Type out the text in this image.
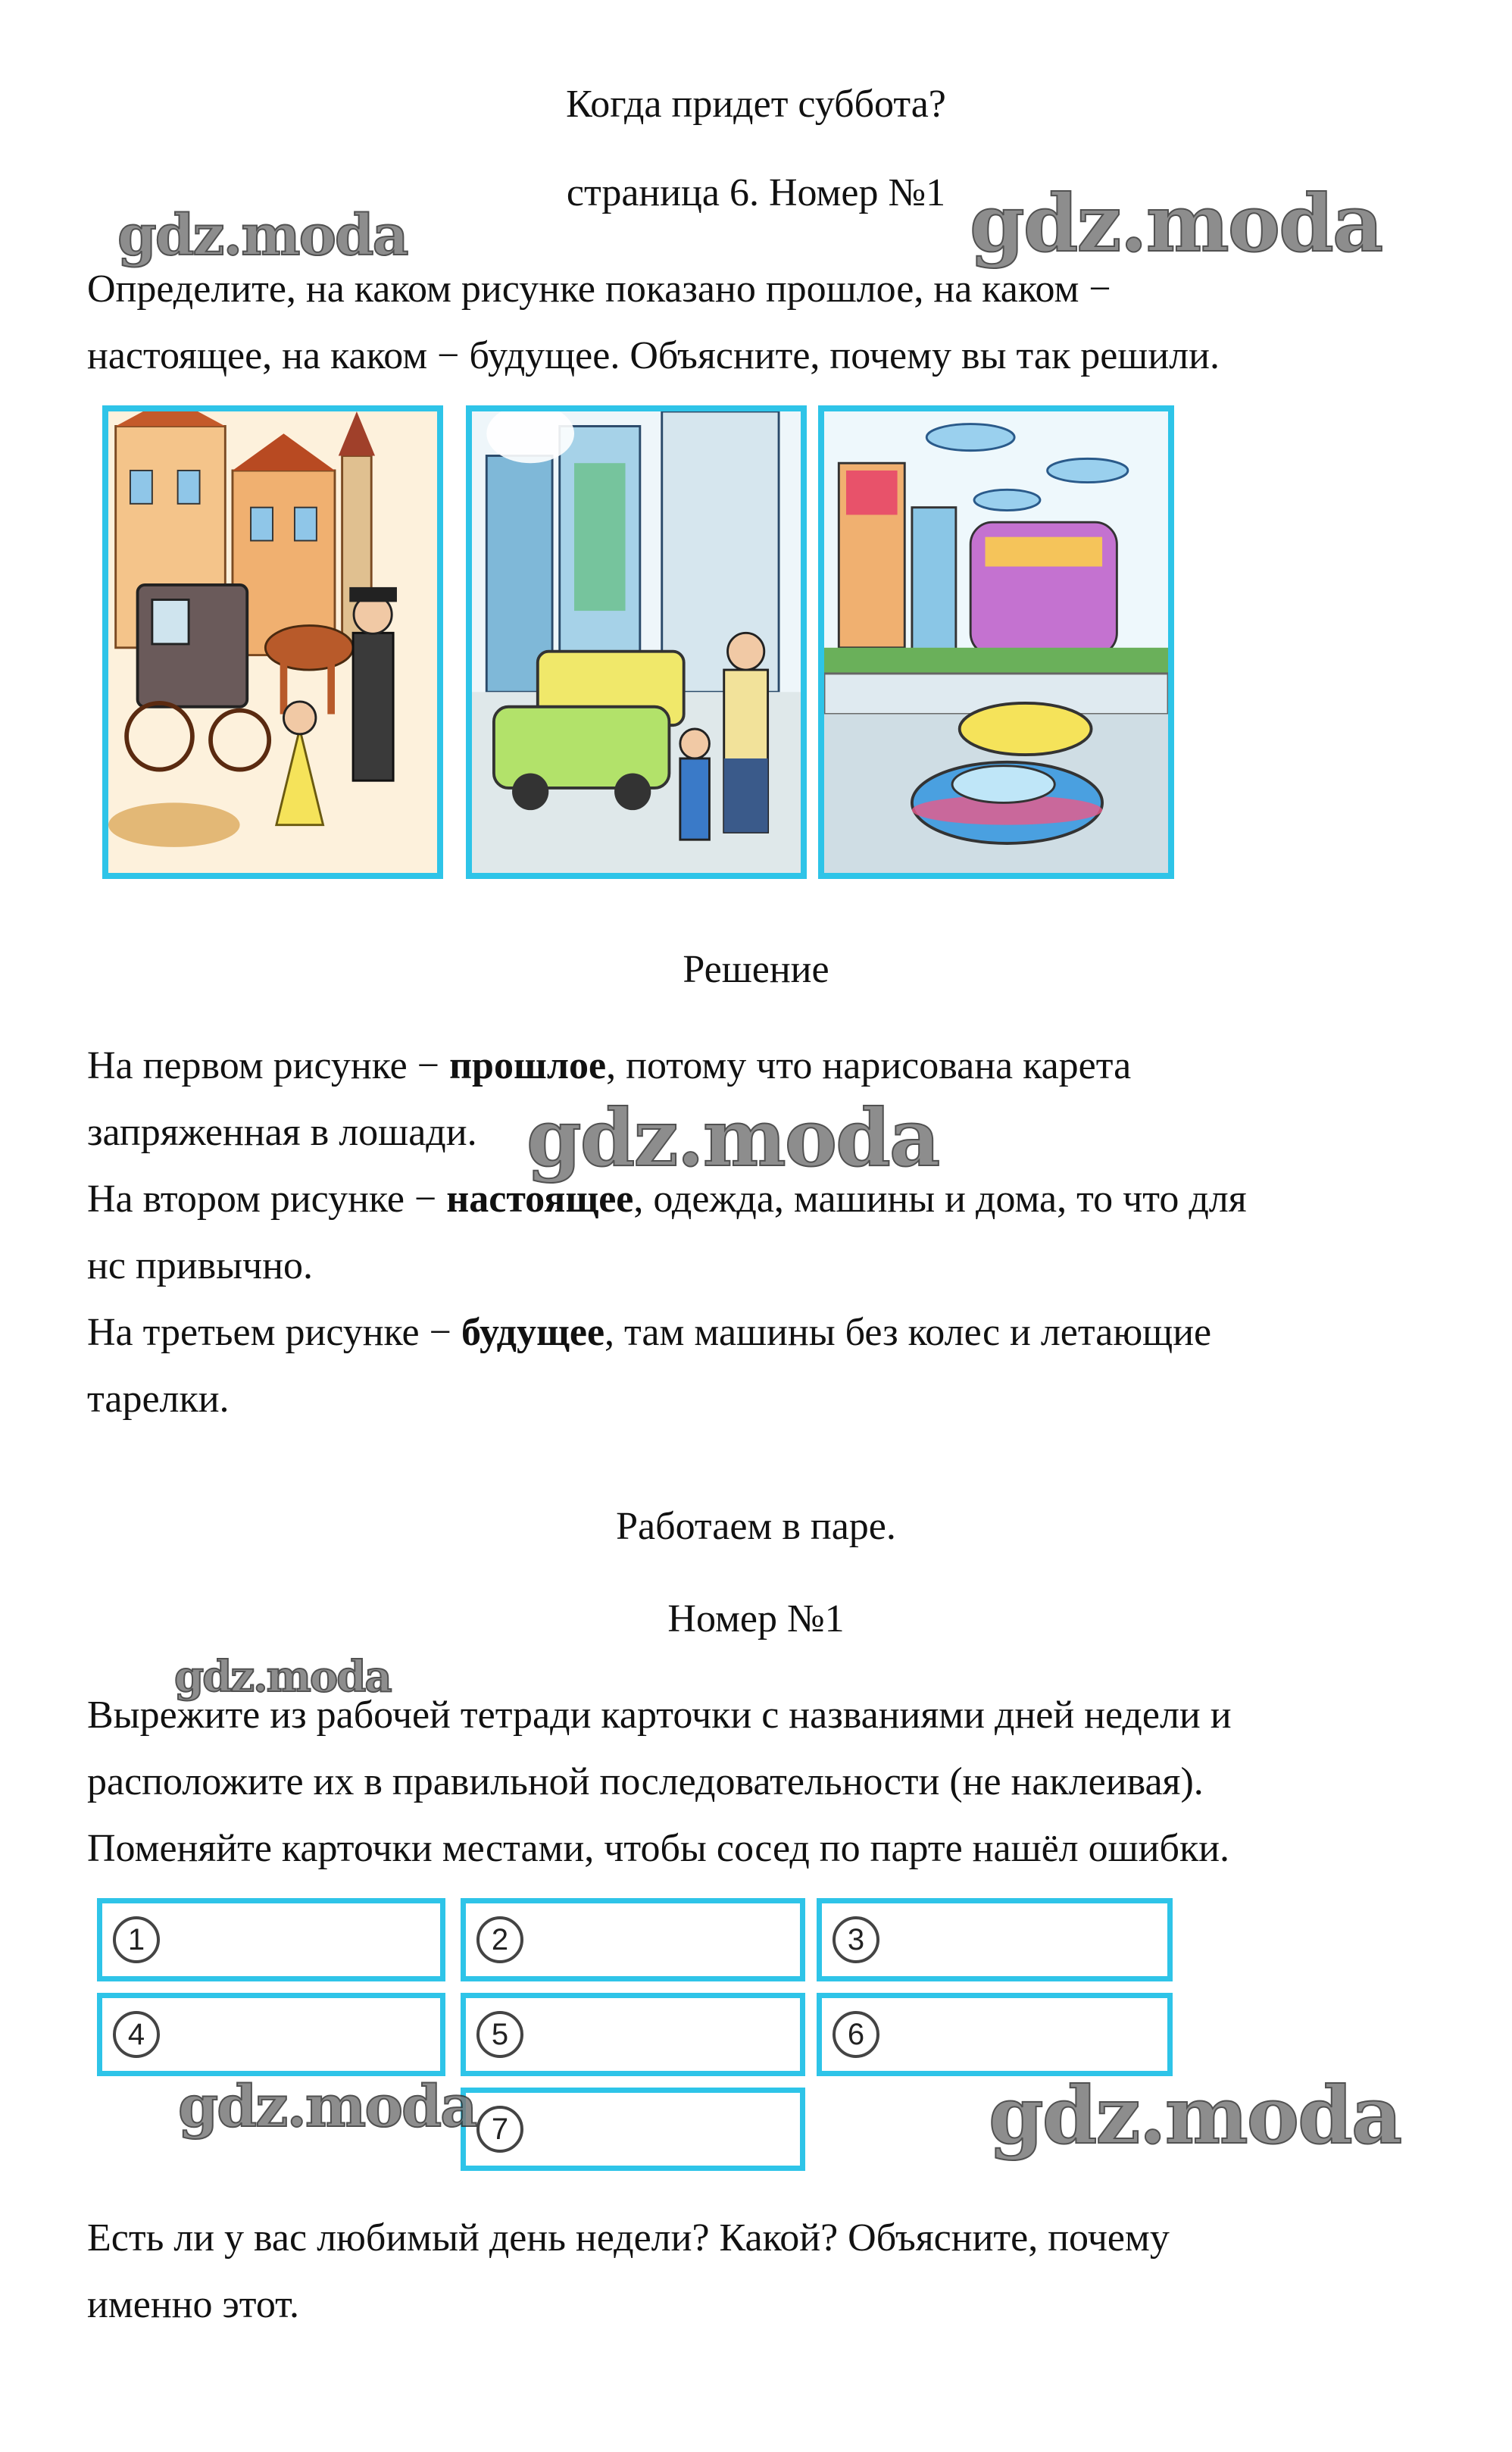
Когда придет суббота?
страница 6. Номер №1

Определите, на каком рисунке показано прошлое, на каком −

настоящее, на каком − будущее. Объясните, почему вы так решили.

Решение

На первом рисунке − прошлое, потому что нарисована карета

запряженная в лошади.

На втором рисунке − настоящее, одежда, машины и дома, то что для

нс привычно.

На третьем рисунке − будущее, там машины без колес и летающие

тарелки.

Работаем в паре.
Номер №1

Вырежите из рабочей тетради карточки с названиями дней недели и

расположите их в правильной последовательности (не наклеивая).

Поменяйте карточки местами, чтобы сосед по парте нашёл ошибки.

1	2	3
4	5	6
7

Есть ли у вас любимый день недели? Какой? Объясните, почему

именно этот.

gdz.moda	gdz.moda
gdz.moda
gdz.moda
gdz.moda	gdz.moda
